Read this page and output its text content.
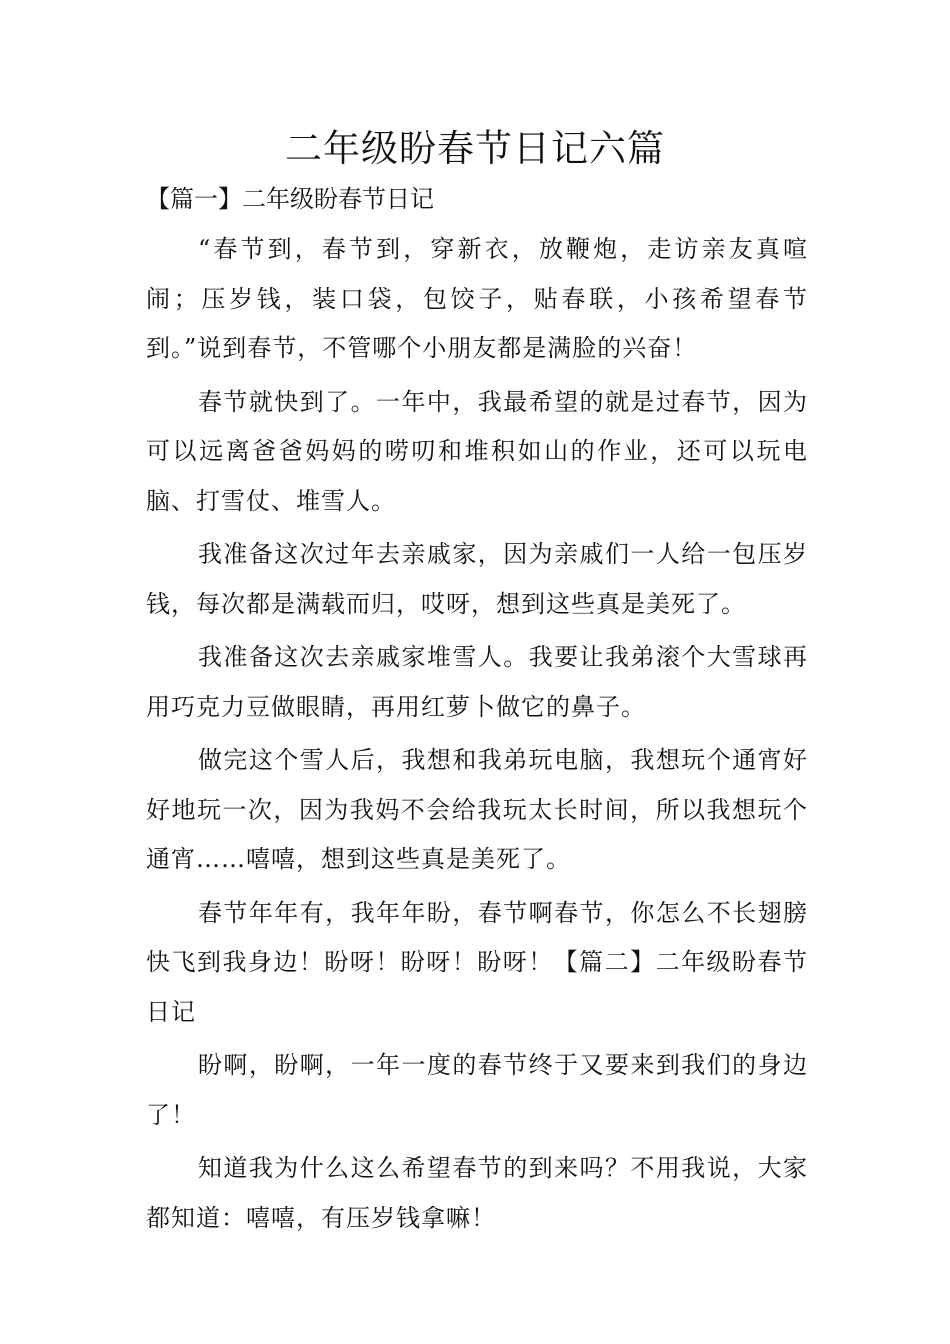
二年级盼春节日记六篇
【篇一】二年级盼春节日记

“春节到，春节到，穿新衣，放鞭炮，走访亲友真喧闹；压岁钱，装口袋，包饺子，贴春联，小孩希望春节到。”说到春节，不管哪个小朋友都是满脸的兴奋！

春节就快到了。一年中，我最希望的就是过春节，因为可以远离爸爸妈妈的唠叨和堆积如山的作业，还可以玩电脑、打雪仗、堆雪人。

我准备这次过年去亲戚家，因为亲戚们一人给一包压岁钱，每次都是满载而归，哎呀，想到这些真是美死了。

我准备这次去亲戚家堆雪人。我要让我弟滚个大雪球再用巧克力豆做眼睛，再用红萝卜做它的鼻子。

做完这个雪人后，我想和我弟玩电脑，我想玩个通宵好好地玩一次，因为我妈不会给我玩太长时间，所以我想玩个通宵……嘻嘻，想到这些真是美死了。

春节年年有，我年年盼，春节啊春节，你怎么不长翅膀快飞到我身边！盼呀！盼呀！盼呀！【篇二】二年级盼春节日记

盼啊，盼啊，一年一度的春节终于又要来到我们的身边了！

知道我为什么这么希望春节的到来吗？不用我说，大家都知道：嘻嘻，有压岁钱拿嘛！
